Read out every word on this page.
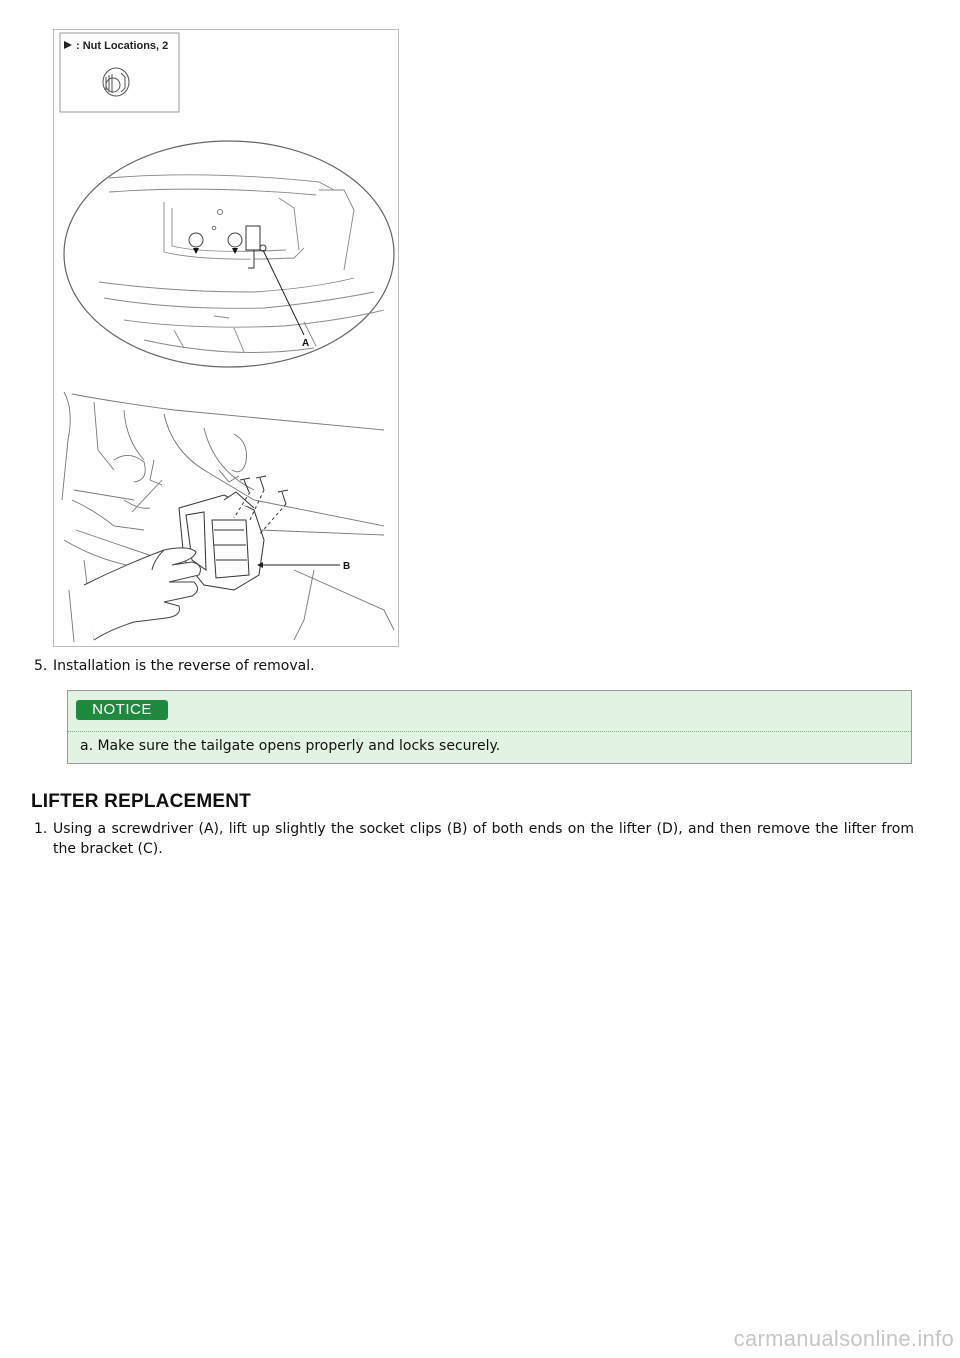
: Nut Locations, 2
A
B
5. Installation is the reverse of removal.
NOTICE
a. Make sure the tailgate opens properly and locks securely.
LIFTER REPLACEMENT
1. Using a screwdriver (A), lift up slightly the socket clips (B) of both ends on the lifter (D), and then remove the lifter from the bracket (C).
carmanualsonline.info
